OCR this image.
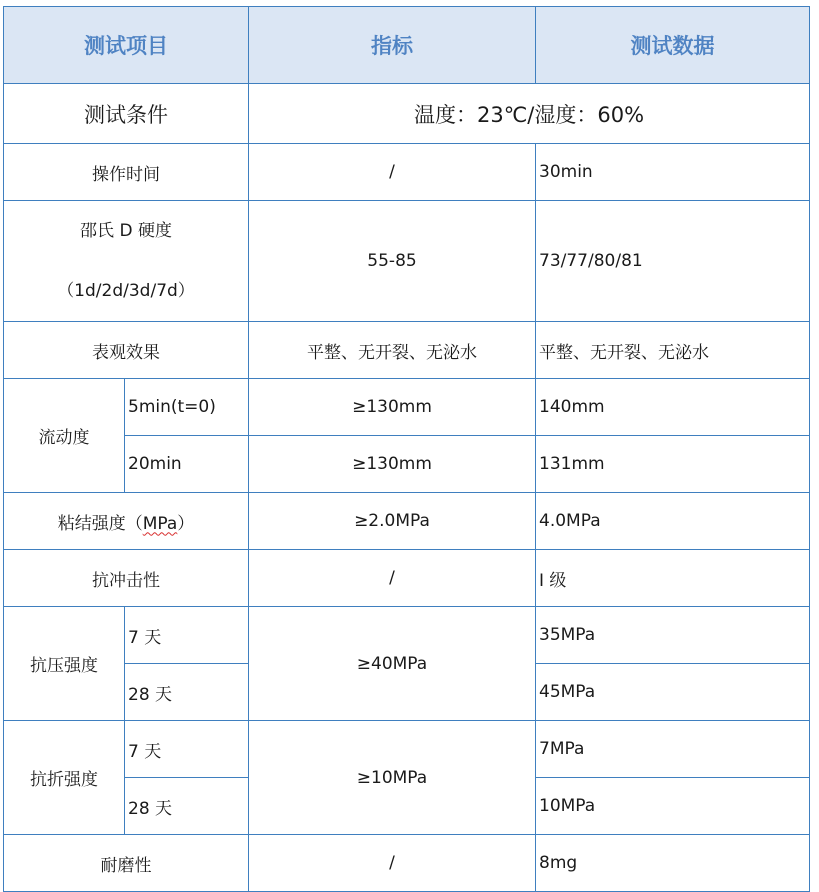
测试项目		指标	测试数据
测试条件		温度：23℃/湿度：60%	
操作时间		/	30min

邵氏 D 硬度
（1d/2d/3d/7d）		55-85	73/77/80/81
表观效果		平整、无开裂、无泌水	平整、无开裂、无泌水
流动度	5min(t=0)	≥130mm	140mm
	20min	≥130mm	131mm
粘结强度（MPa）		≥2.0MPa	4.0MPa
抗冲击性		/	I 级
抗压强度	7 天	≥40MPa	35MPa
	28 天		45MPa
抗折强度	7 天	≥10MPa	7MPa
	28 天		10MPa
耐磨性		/	8mg
